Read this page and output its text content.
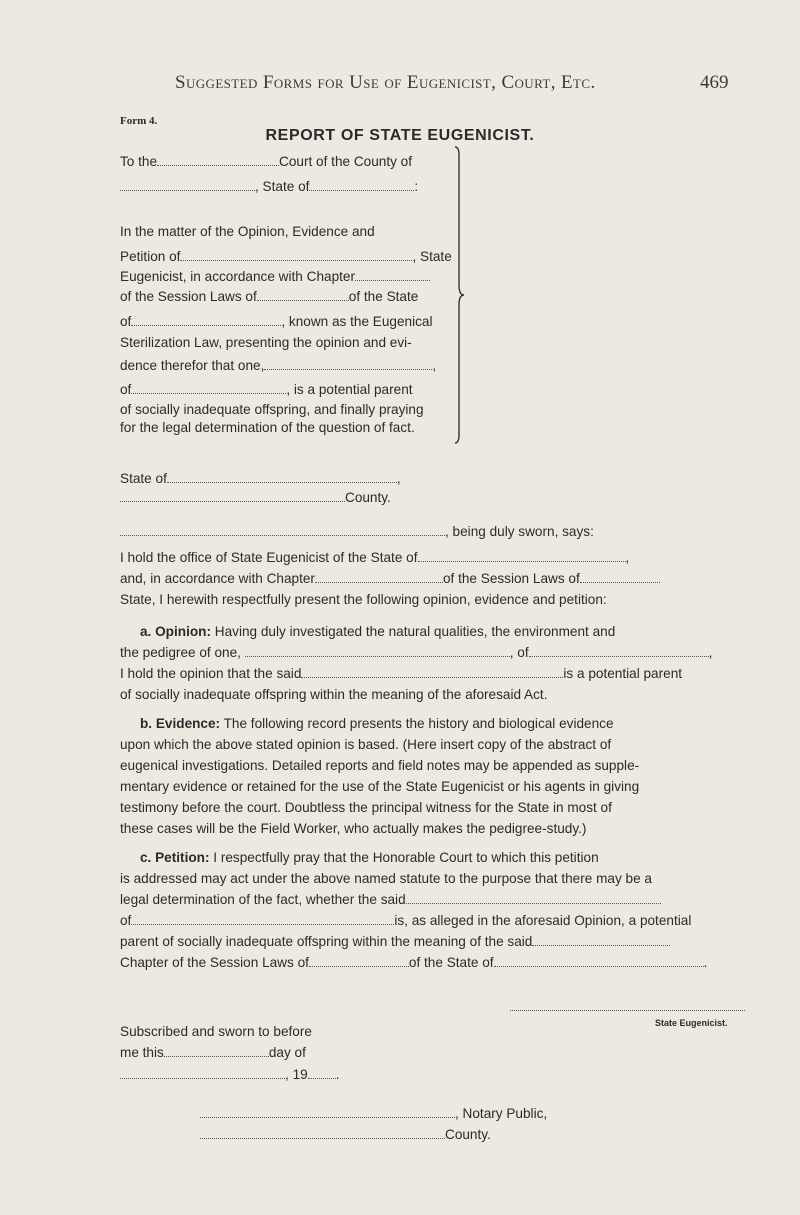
Suggested Forms for Use of Eugenicist, Court, Etc.	469
Form 4.
REPORT OF STATE EUGENICIST.
To the	Court of the County of
, State of	:
In the matter of the Opinion, Evidence and
Petition of	, State
Eugenicist, in accordance with Chapter
of the Session Laws of	of the State
of	, known as the Eugenical
Sterilization Law, presenting the opinion and evi-
dence therefor that one,	,
of	, is a potential parent
of socially inadequate offspring, and finally praying
for the legal determination of the question of fact.
State of	,
County.
, being duly sworn, says:
I hold the office of State Eugenicist of the State of	,
and, in accordance with Chapter	of the Session Laws of
State, I herewith respectfully present the following opinion, evidence and petition:
a. Opinion: Having duly investigated the natural qualities, the environment and
the pedigree of one,	, of	,
I hold the opinion that the said	is a potential parent
of socially inadequate offspring within the meaning of the aforesaid Act.
b. Evidence: The following record presents the history and biological evidence
upon which the above stated opinion is based. (Here insert copy of the abstract of
eugenical investigations. Detailed reports and field notes may be appended as supple-
mentary evidence or retained for the use of the State Eugenicist or his agents in giving
testimony before the court. Doubtless the principal witness for the State in most of
these cases will be the Field Worker, who actually makes the pedigree-study.)
c. Petition: I respectfully pray that the Honorable Court to which this petition
is addressed may act under the above named statute to the purpose that there may be a
legal determination of the fact, whether the said
of	is, as alleged in the aforesaid Opinion, a potential
parent of socially inadequate offspring within the meaning of the said
Chapter of the Session Laws of	of the State of	.
State Eugenicist.
Subscribed and sworn to before
me this	day of
, 19 .
, Notary Public,
County.
